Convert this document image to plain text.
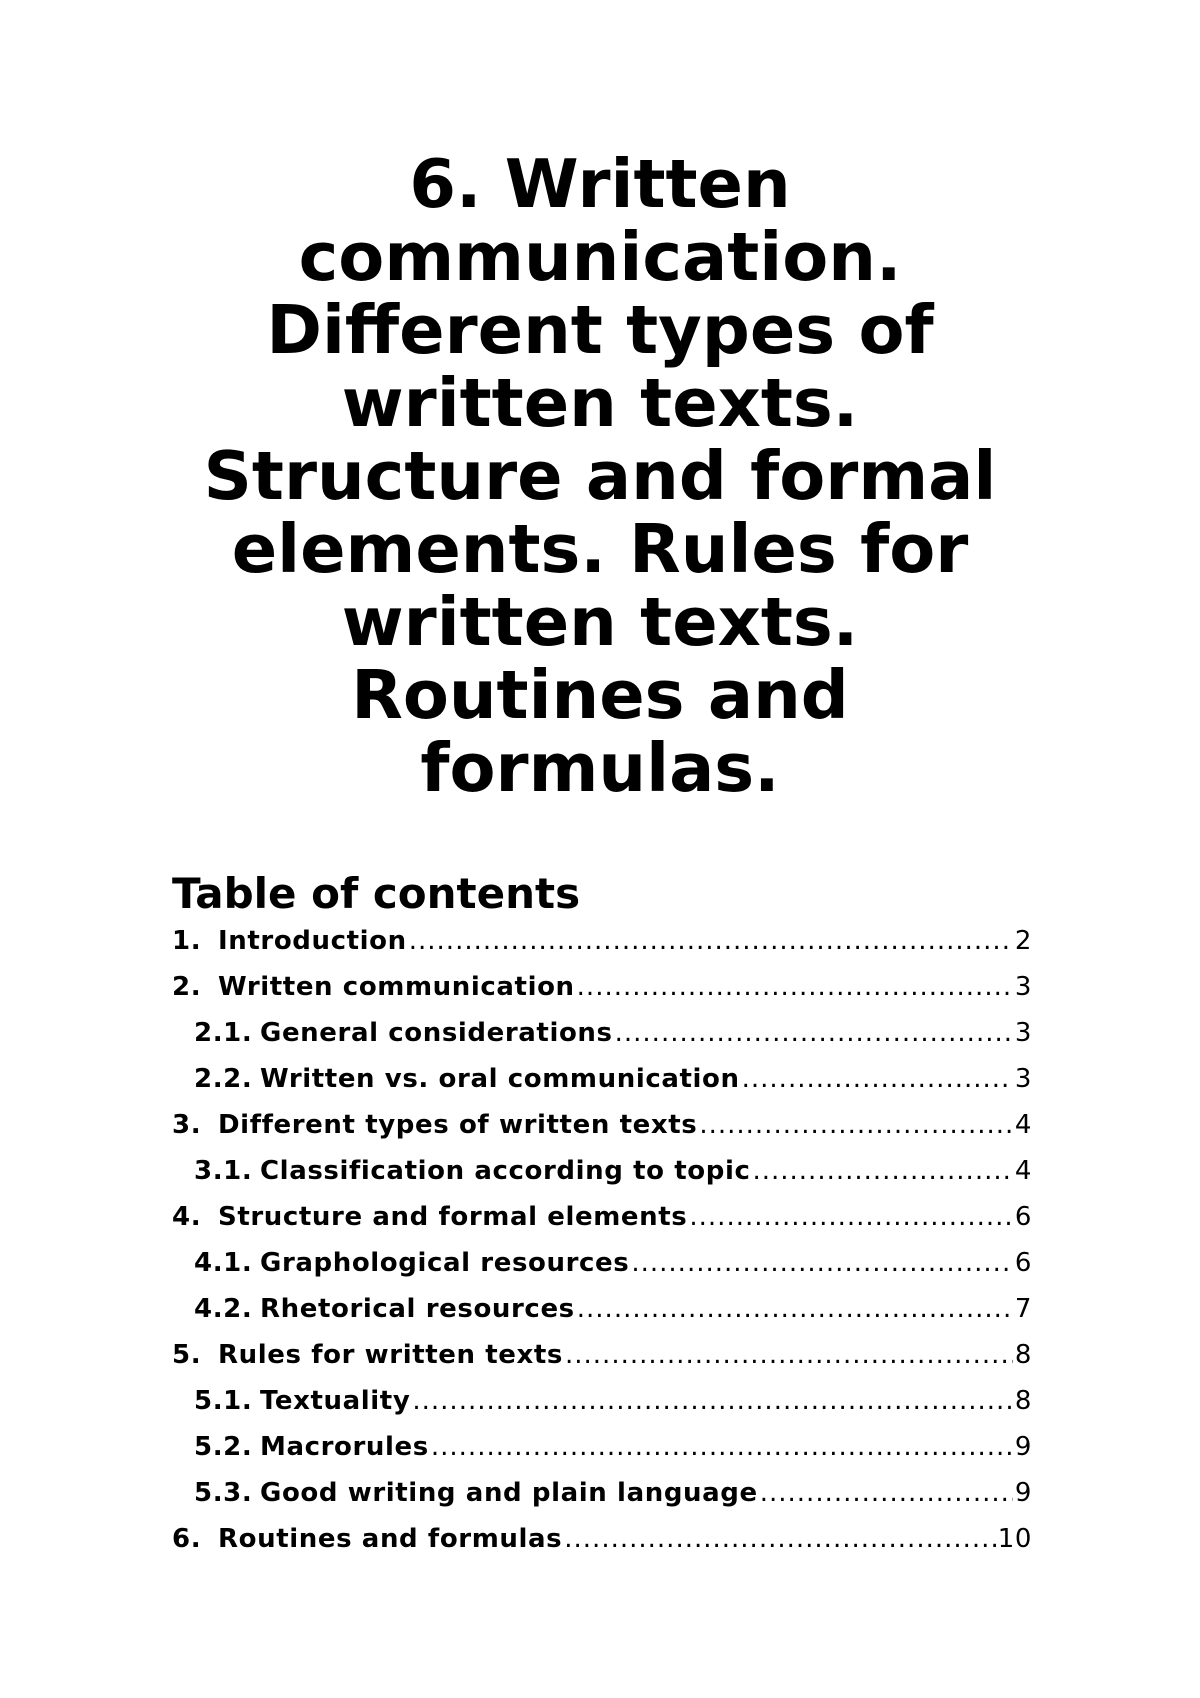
6. Written communication. Different types of written texts. Structure and formal elements. Rules for written texts. Routines and formulas.
Table of contents
1. Introduction .....	2
2. Written communication .....	3
2.1. General considerations .....	3
2.2. Written vs. oral communication .....	3
3. Different types of written texts .....	4
3.1. Classification according to topic .....	4
4. Structure and formal elements .....	6
4.1. Graphological resources .....	6
4.2. Rhetorical resources .....	7
5. Rules for written texts .....	8
5.1. Textuality .....	8
5.2. Macrorules .....	9
5.3. Good writing and plain language .....	9
6. Routines and formulas .....	10
